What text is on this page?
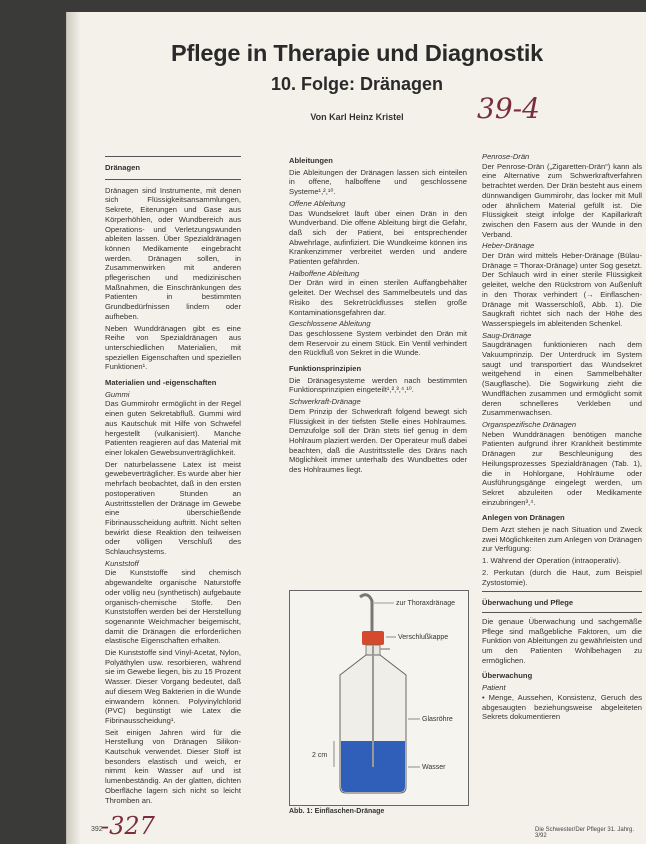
Pflege in Therapie und Diagnostik
10. Folge: Dränagen
Von Karl Heinz Kristel	39-4
Dränagen

Dränagen sind Instrumente, mit denen sich Flüssigkeitsansammlungen, Sekrete, Eiterungen und Gase aus Körperhöhlen, oder Wundbereich aus Operations- und Verletzungswunden ableiten lassen. Über Spezialdränagen können Medikamente eingebracht werden. Dränagen sollen, in Zusammenwirken mit anderen pflegerischen und medizinischen Maßnahmen, die Einschränkungen des Patienten in bestimmten Grundbedürfnissen lindern oder aufheben.

Neben Wunddränagen gibt es eine Reihe von Spezialdränagen aus unterschiedlichen Materialien, mit speziellen Eigenschaften und speziellen Funktionen¹.

Materialien und -eigenschaften
Gummi

Das Gummirohr ermöglicht in der Regel einen guten Sekretabfluß. Gummi wird aus Kautschuk mit Hilfe von Schwefel hergestellt (vulkanisiert). Manche Patienten reagieren auf das Material mit einer lokalen Gewebsunverträglichkeit.

Der naturbelassene Latex ist meist gewebeverträglicher. Es wurde aber hier mehrfach beobachtet, daß in den ersten postoperativen Stunden an Austrittsstellen der Dränage im Gewebe eine überschießende Fibrinausscheidung auftritt. Nicht selten bewirkt diese Reaktion den teilweisen oder völligen Verschluß des Schlauchsystems.

Kunststoff

Die Kunststoffe sind chemisch abgewandelte organische Naturstoffe oder völlig neu (synthetisch) aufgebaute organisch-chemische Stoffe. Den Kunststoffen werden bei der Herstellung sogenannte Weichmacher beigemischt, damit die Dränagen die erforderlichen elastische Eigenschaften erhalten.

Die Kunststoffe sind Vinyl-Acetat, Nylon, Polyäthylen usw. resorbieren, während sie im Gewebe liegen, bis zu 15 Prozent Wasser. Dieser Vorgang bedeutet, daß auf diesem Weg Bakterien in die Wunde einwandern können. Polyvinylchlorid (PVC) begünstigt wie Latex die Fibrinausscheidung¹.

Seit einigen Jahren wird für die Herstellung von Dränagen Silikon-Kautschuk verwendet. Dieser Stoff ist besonders elastisch und weich, er nimmt kein Wasser auf und ist lumenbeständig. An der glatten, dichten Oberfläche lagern sich nicht so leicht Thromben an.

Ableitungen

Die Ableitungen der Dränagen lassen sich einteilen in offene, halboffene und geschlossene Systeme¹,²,¹⁰.

Offene Ableitung

Das Wundsekret läuft über einen Drän in den Wundverband. Die offene Ableitung birgt die Gefahr, daß sich der Patient, bei entsprechender Abwehrlage, aufinfiziert. Die Wundkeime können ins Krankenzimmer verbreitet werden und andere Patienten gefährden.

Halboffene Ableitung

Der Drän wird in einen sterilen Auffangbehälter geleitet. Der Wechsel des Sammelbeutels und das Risiko des Sekretrückflusses stellen große Kontaminationsgefahren dar.

Geschlossene Ableitung

Das geschlossene System verbindet den Drän mit dem Reservoir zu einem Stück. Ein Ventil verhindert den Rückfluß von Sekret in die Wunde.

Funktionsprinzipien

Die Dränagesysteme werden nach bestimmten Funktionsprinzipien eingeteilt¹,²,³,⁴,¹⁰.

Schwerkraft-Dränage

Dem Prinzip der Schwerkraft folgend bewegt sich Flüssigkeit in der tiefsten Stelle eines Hohlraumes. Demzufolge soll der Drän stets tief genug in dem Hohlraum plaziert werden. Der Operateur muß dabei beachten, daß die Austrittsstelle des Dräns nach Möglichkeit immer unterhalb des Wundbettes oder des Hohlraumes liegt.

zur Thoraxdränage
Verschlußkappe
Glasröhre
Wasser
2 cm
Abb. 1: Einflaschen-Dränage
Penrose-Drän

Der Penrose-Drän („Zigaretten-Drän“) kann als eine Alternative zum Schwerkraftverfahren betrachtet werden. Der Drän besteht aus einem dünnwandigen Gummirohr, das locker mit Mull oder ähnlichem Material gefüllt ist. Die Flüssigkeit steigt infolge der Kapillarkraft zwischen den Fasern aus der Wunde in den Verband.

Heber-Dränage

Der Drän wird mittels Heber-Dränage (Bülau-Dränage = Thorax-Dränage) unter Sog gesetzt. Der Schlauch wird in einer sterile Flüssigkeit geleitet, welche den Rückstrom von Außenluft in den Thorax verhindert (→ Einflaschen-Dränage mit Wasserschloß, Abb. 1). Die Saugkraft richtet sich nach der Höhe des Wasserspiegels im ableitenden Schenkel.

Saug-Dränage

Saugdränagen funktionieren nach dem Vakuumprinzip. Der Unterdruck im System saugt und transportiert das Wundsekret weitgehend in einen Sammelbehälter (Saugflasche). Die Sogwirkung zieht die Wundflächen zusammen und ermöglicht somit deren schnelleres Verkleben und Zusammenwachsen.

Organspezifische Dränagen

Neben Wunddränagen benötigen manche Patienten aufgrund ihrer Krankheit bestimmte Dränagen zur Beschleunigung des Heilungsprozesses Spezialdränagen (Tab. 1), die in Hohlorgane, Hohlräume oder Ausführungsgänge eingelegt werden, um Sekret abzuleiten oder Medikamente einzubringen³,⁴.

Anlegen von Dränagen

Dem Arzt stehen je nach Situation und Zweck zwei Möglichkeiten zum Anlegen von Dränagen zur Verfügung:

1. Während der Operation (intraoperativ).

2. Perkutan (durch die Haut, zum Beispiel Zystostomie).

Überwachung und Pflege

Die genaue Überwachung und sachgemäße Pflege sind maßgebliche Faktoren, um die Funktion von Ableitungen zu gewährleisten und um den Patienten Wohlbehagen zu ermöglichen.

Überwachung
Patient

• Menge, Aussehen, Konsistenz, Geruch des abgesaugten beziehungsweise abgeleiteten Sekrets dokumentieren

392
-327	Die Schwester/Der Pfleger 31. Jahrg. 3/92
